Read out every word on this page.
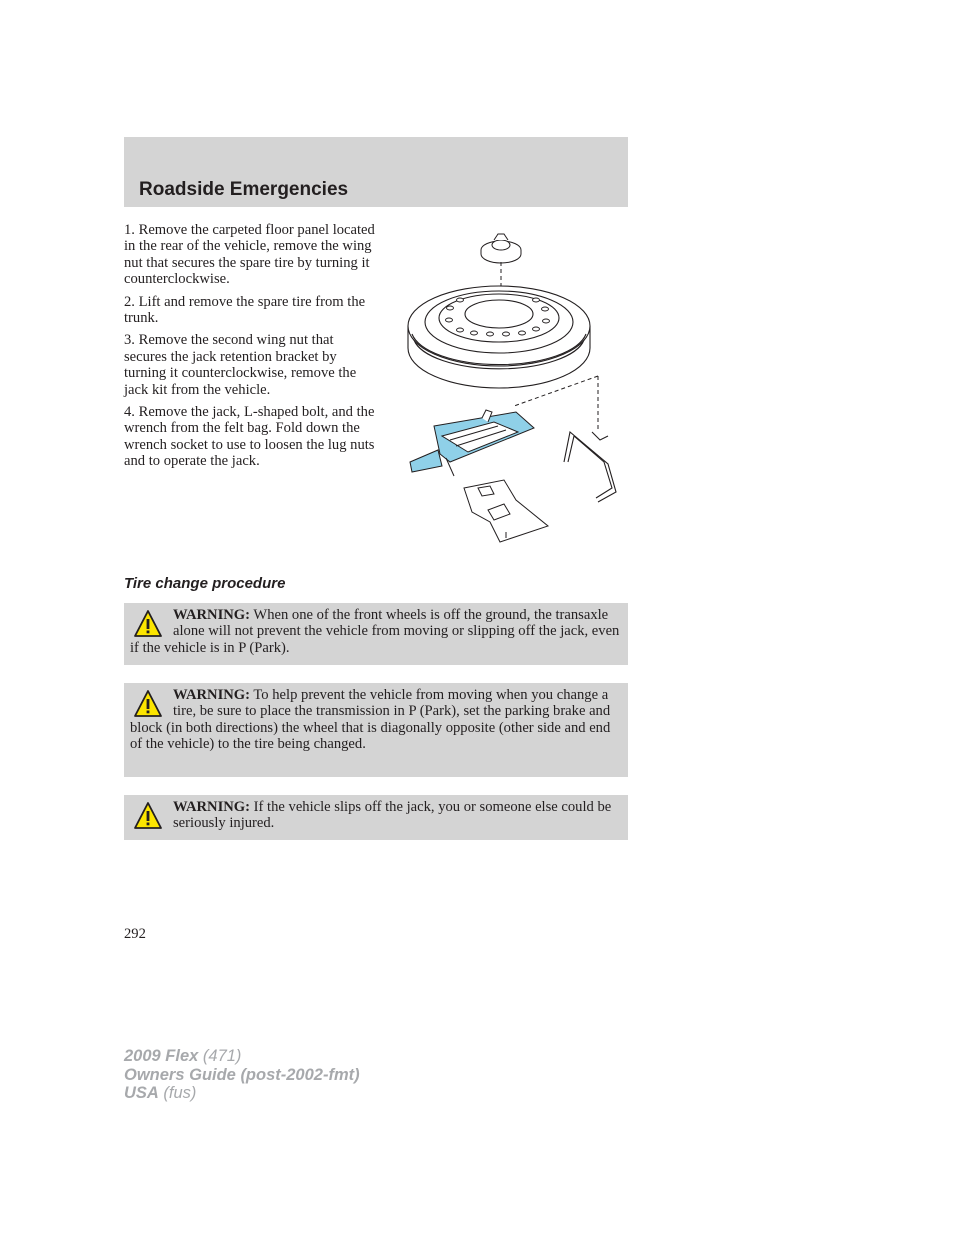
Roadside Emergencies

1. Remove the carpeted floor panel located in the rear of the vehicle, remove the wing nut that secures the spare tire by turning it counterclockwise.

2. Lift and remove the spare tire from the trunk.

3. Remove the second wing nut that secures the jack retention bracket by turning it counterclockwise, remove the jack kit from the vehicle.

4. Remove the jack, L-shaped bolt, and the wrench from the felt bag. Fold down the wrench socket to use to loosen the lug nuts and to operate the jack.

Tire change procedure
WARNING: When one of the front wheels is off the ground, the transaxle alone will not prevent the vehicle from moving or slipping off the jack, even if the vehicle is in P (Park).
WARNING: To help prevent the vehicle from moving when you change a tire, be sure to place the transmission in P (Park), set the parking brake and block (in both directions) the wheel that is diagonally opposite (other side and end of the vehicle) to the tire being changed.
WARNING: If the vehicle slips off the jack, you or someone else could be seriously injured.
292
2009 Flex (471)
Owners Guide (post-2002-fmt)
USA (fus)
